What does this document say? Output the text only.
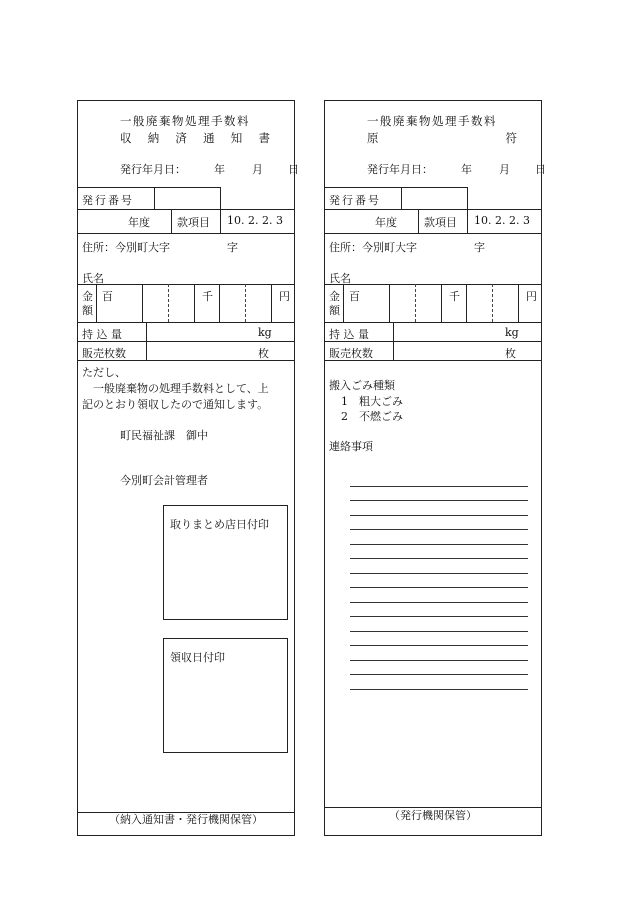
一般廃棄物処理手数料
収 納 済 通 知 書
発行年月日：	年 月 日
発行番号
年度 款項目 10. 2. 2. 3
住所：今別町大字	字
氏名
金
額
百	千	円
持 込 量	kg
販売枚数	枚
ただし、
　一般廃棄物の処理手数料として、上
記のとおり領収したので通知します。
町民福祉課　御中
今別町会計管理者
取りまとめ店日付印
領収日付印
（納入通知書・発行機関保管）
一般廃棄物処理手数料
原	符
発行年月日：	年 月 日
発行番号
年度 款項目 10. 2. 2. 3
住所：今別町大字	字
氏名
金
額
百	千	円
持 込 量	kg
販売枚数	枚
搬入ごみ種類
1　粗大ごみ
2　不燃ごみ
連絡事項
（発行機関保管）
